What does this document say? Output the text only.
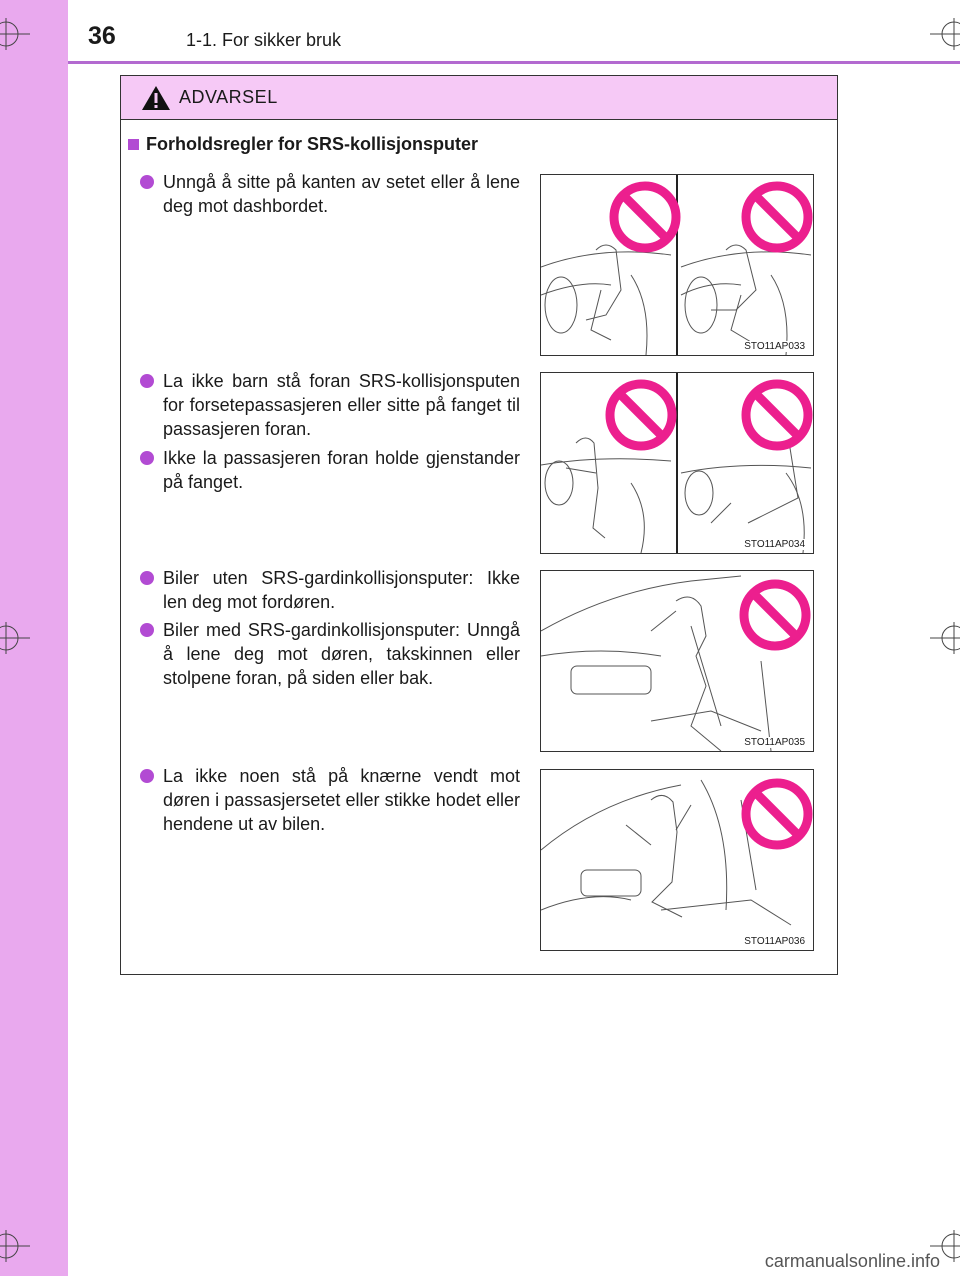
36	1-1. For sikker bruk
ADVARSEL
Forholdsregler for SRS-kollisjonsputer
Unngå å sitte på kanten av setet eller å lene deg mot dashbordet.
La ikke barn stå foran SRS-kollisjonsputen for forsetepassasjeren eller sitte på fanget til passasjeren foran.
Ikke la passasjeren foran holde gjenstander på fanget.
Biler uten SRS-gardinkollisjonsputer: Ikke len deg mot fordøren.
Biler med SRS-gardinkollisjonsputer: Unngå å lene deg mot døren, takskinnen eller stolpene foran, på siden eller bak.
La ikke noen stå på knærne vendt mot døren i passasjersetet eller stikke hodet eller hendene ut av bilen.
STO11AP033
STO11AP034
STO11AP035
STO11AP036
carmanualsonline.info
